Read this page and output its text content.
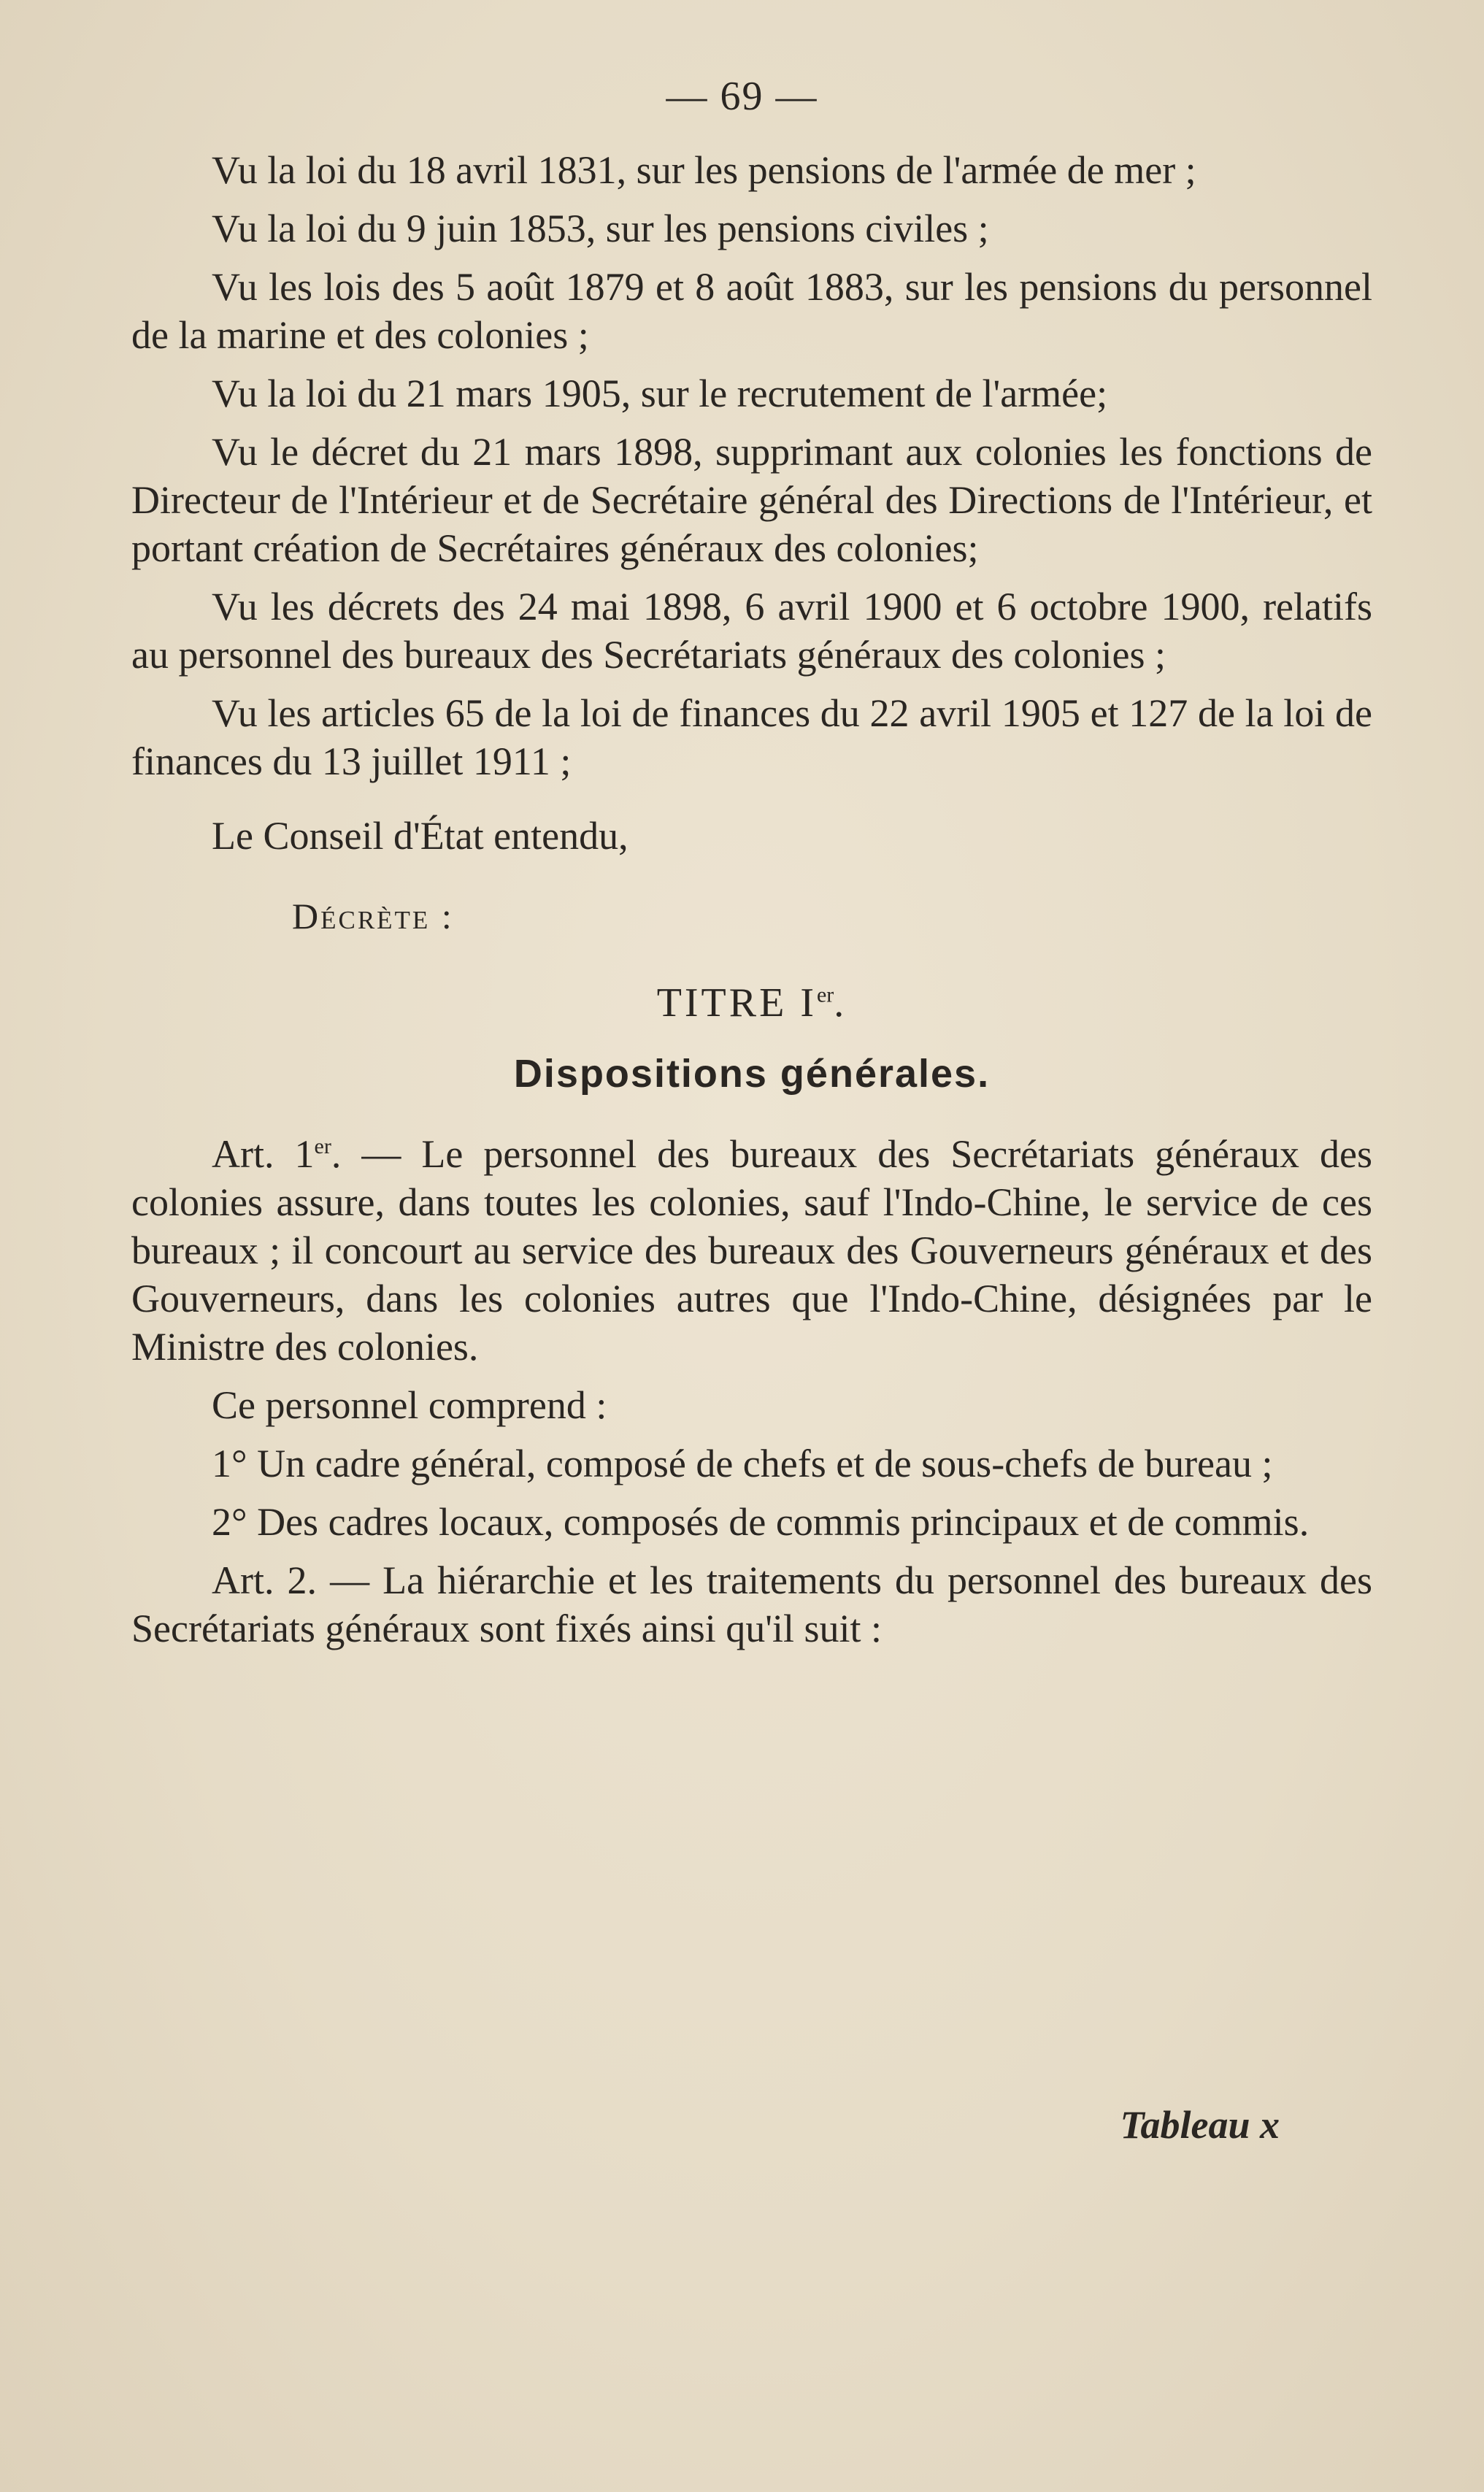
— 69 —

Vu la loi du 18 avril 1831, sur les pensions de l'armée de mer ;

Vu la loi du 9 juin 1853, sur les pensions civiles ;

Vu les lois des 5 août 1879 et 8 août 1883, sur les pensions du personnel de la marine et des colonies ;

Vu la loi du 21 mars 1905, sur le recrutement de l'armée;

Vu le décret du 21 mars 1898, supprimant aux colonies les fonctions de Directeur de l'Intérieur et de Secrétaire général des Directions de l'Intérieur, et portant création de Secrétaires généraux des colonies;

Vu les décrets des 24 mai 1898, 6 avril 1900 et 6 octobre 1900, relatifs au personnel des bureaux des Secrétariats généraux des colonies ;

Vu les articles 65 de la loi de finances du 22 avril 1905 et 127 de la loi de finances du 13 juillet 1911 ;

Le Conseil d'État entendu,

Décrète :
TITRE Ier.
Dispositions générales.

Art. 1er. — Le personnel des bureaux des Secrétariats généraux des colonies assure, dans toutes les colonies, sauf l'Indo-Chine, le service de ces bureaux ; il concourt au service des bureaux des Gouverneurs généraux et des Gouverneurs, dans les colonies autres que l'Indo-Chine, désignées par le Ministre des colonies.

Ce personnel comprend :

1° Un cadre général, composé de chefs et de sous-chefs de bureau ;

2° Des cadres locaux, composés de commis principaux et de commis.

Art. 2. — La hiérarchie et les traitements du personnel des bureaux des Secrétariats généraux sont fixés ainsi qu'il suit :

Tableau x
